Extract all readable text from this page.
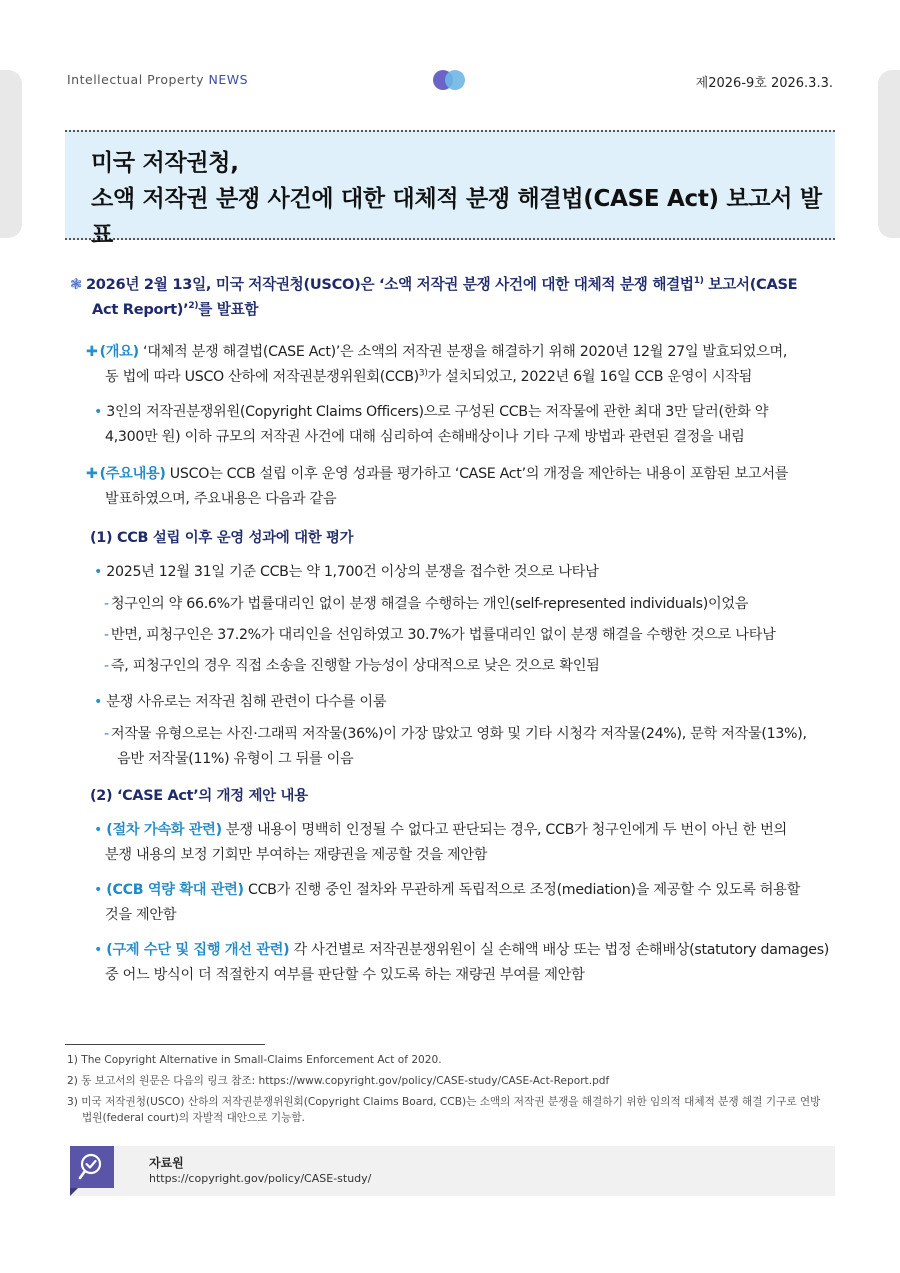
Intellectual Property NEWS	제2026-9호 2026.3.3.
미국 저작권청,
소액 저작권 분쟁 사건에 대한 대체적 분쟁 해결법(CASE Act) 보고서 발표
❃ 2026년 2월 13일, 미국 저작권청(USCO)은 ‘소액 저작권 분쟁 사건에 대한 대체적 분쟁 해결법$^{1)}$ 보고서(CASE
Act Report)’$^{2)}$를 발표함
✚ (개요) ‘대체적 분쟁 해결법(CASE Act)’은 소액의 저작권 분쟁을 해결하기 위해 2020년 12월 27일 발효되었으며,
동 법에 따라 USCO 산하에 저작권분쟁위원회(CCB)$^{3)}$가 설치되었고, 2022년 6월 16일 CCB 운영이 시작됨
• 3인의 저작권분쟁위원(Copyright Claims Officers)으로 구성된 CCB는 저작물에 관한 최대 3만 달러(한화 약
4,300만 원) 이하 규모의 저작권 사건에 대해 심리하여 손해배상이나 기타 구제 방법과 관련된 결정을 내림
✚ (주요내용) USCO는 CCB 설립 이후 운영 성과를 평가하고 ‘CASE Act’의 개정을 제안하는 내용이 포함된 보고서를
발표하였으며, 주요내용은 다음과 같음
(1) CCB 설립 이후 운영 성과에 대한 평가
• 2025년 12월 31일 기준 CCB는 약 1,700건 이상의 분쟁을 접수한 것으로 나타남
- 청구인의 약 66.6%가 법률대리인 없이 분쟁 해결을 수행하는 개인(self-represented individuals)이었음
- 반면, 피청구인은 37.2%가 대리인을 선임하였고 30.7%가 법률대리인 없이 분쟁 해결을 수행한 것으로 나타남
- 즉, 피청구인의 경우 직접 소송을 진행할 가능성이 상대적으로 낮은 것으로 확인됨
• 분쟁 사유로는 저작권 침해 관련이 다수를 이룸
- 저작물 유형으로는 사진·그래픽 저작물(36%)이 가장 많았고 영화 및 기타 시청각 저작물(24%), 문학 저작물(13%),
음반 저작물(11%) 유형이 그 뒤를 이음
(2) ‘CASE Act’의 개정 제안 내용
• (절차 가속화 관련) 분쟁 내용이 명백히 인정될 수 없다고 판단되는 경우, CCB가 청구인에게 두 번이 아닌 한 번의
분쟁 내용의 보정 기회만 부여하는 재량권을 제공할 것을 제안함
• (CCB 역량 확대 관련) CCB가 진행 중인 절차와 무관하게 독립적으로 조정(mediation)을 제공할 수 있도록 허용할
것을 제안함
• (구제 수단 및 집행 개선 관련) 각 사건별로 저작권분쟁위원이 실 손해액 배상 또는 법정 손해배상(statutory damages)
중 어느 방식이 더 적절한지 여부를 판단할 수 있도록 하는 재량권 부여를 제안함
1) The Copyright Alternative in Small-Claims Enforcement Act of 2020.
2) 동 보고서의 원문은 다음의 링크 참조: https://www.copyright.gov/policy/CASE-study/CASE-Act-Report.pdf
3) 미국 저작권청(USCO) 산하의 저작권분쟁위원회(Copyright Claims Board, CCB)는 소액의 저작권 분쟁을 해결하기 위한 임의적 대체적 분쟁 해결 기구로 연방
법원(federal court)의 자발적 대안으로 기능함.
자료원
https://copyright.gov/policy/CASE-study/
